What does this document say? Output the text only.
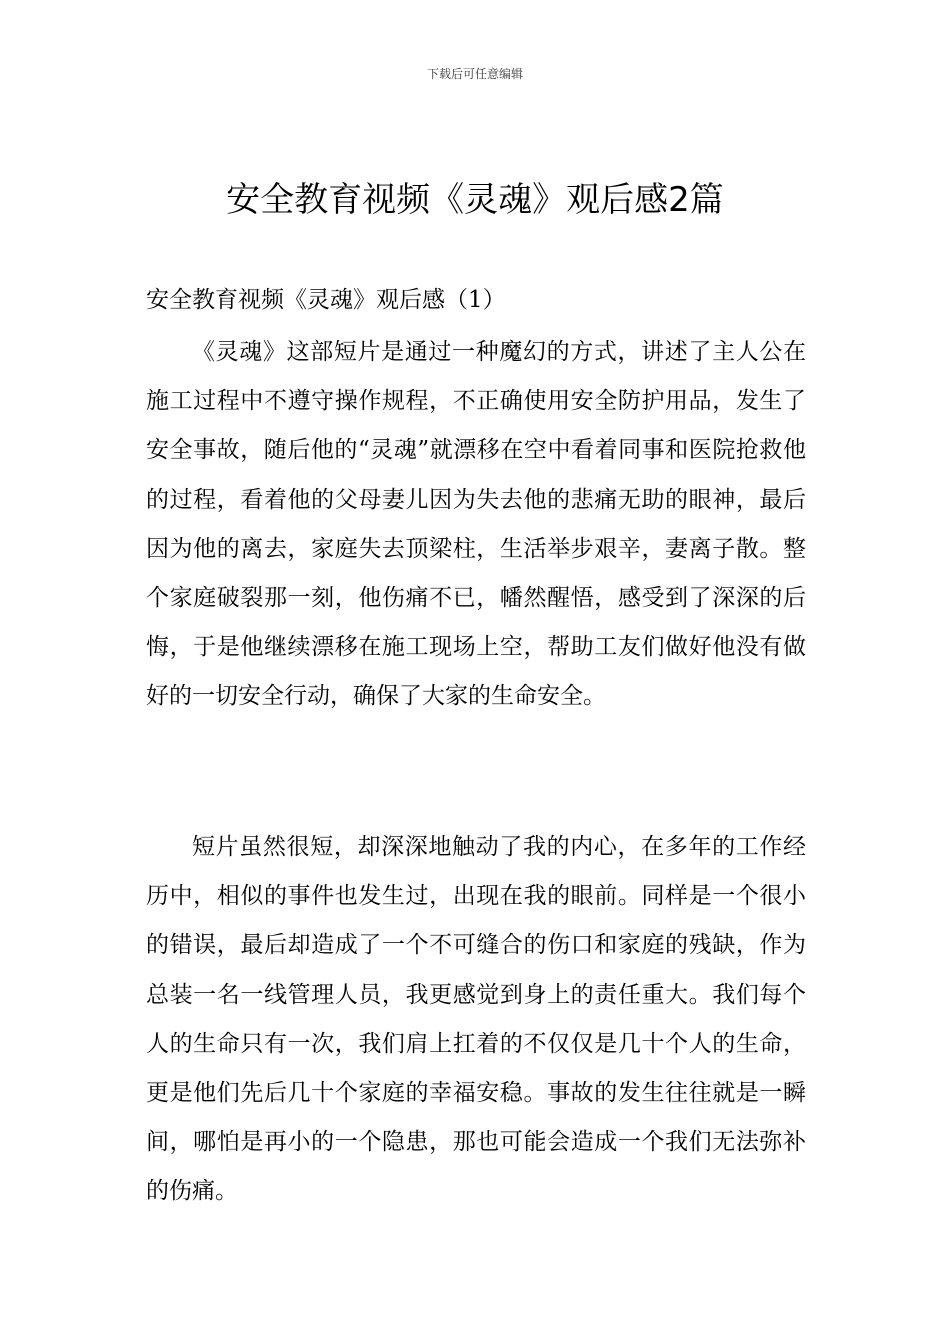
下载后可任意编辑
安全教育视频《灵魂》观后感2篇
安全教育视频《灵魂》观后感（1）

《灵魂》这部短片是通过一种魔幻的方式，讲述了主人公在施工过程中不遵守操作规程，不正确使用安全防护用品，发生了安全事故，随后他的“灵魂”就漂移在空中看着同事和医院抢救他的过程，看着他的父母妻儿因为失去他的悲痛无助的眼神，最后因为他的离去，家庭失去顶梁柱，生活举步艰辛，妻离子散。整个家庭破裂那一刻，他伤痛不已，幡然醒悟，感受到了深深的后悔，于是他继续漂移在施工现场上空，帮助工友们做好他没有做好的一切安全行动，确保了大家的生命安全。

短片虽然很短，却深深地触动了我的内心，在多年的工作经历中，相似的事件也发生过，出现在我的眼前。同样是一个很小的错误，最后却造成了一个不可缝合的伤口和家庭的残缺，作为总装一名一线管理人员，我更感觉到身上的责任重大。我们每个人的生命只有一次，我们肩上扛着的不仅仅是几十个人的生命，更是他们先后几十个家庭的幸福安稳。事故的发生往往就是一瞬间，哪怕是再小的一个隐患，那也可能会造成一个我们无法弥补的伤痛。
